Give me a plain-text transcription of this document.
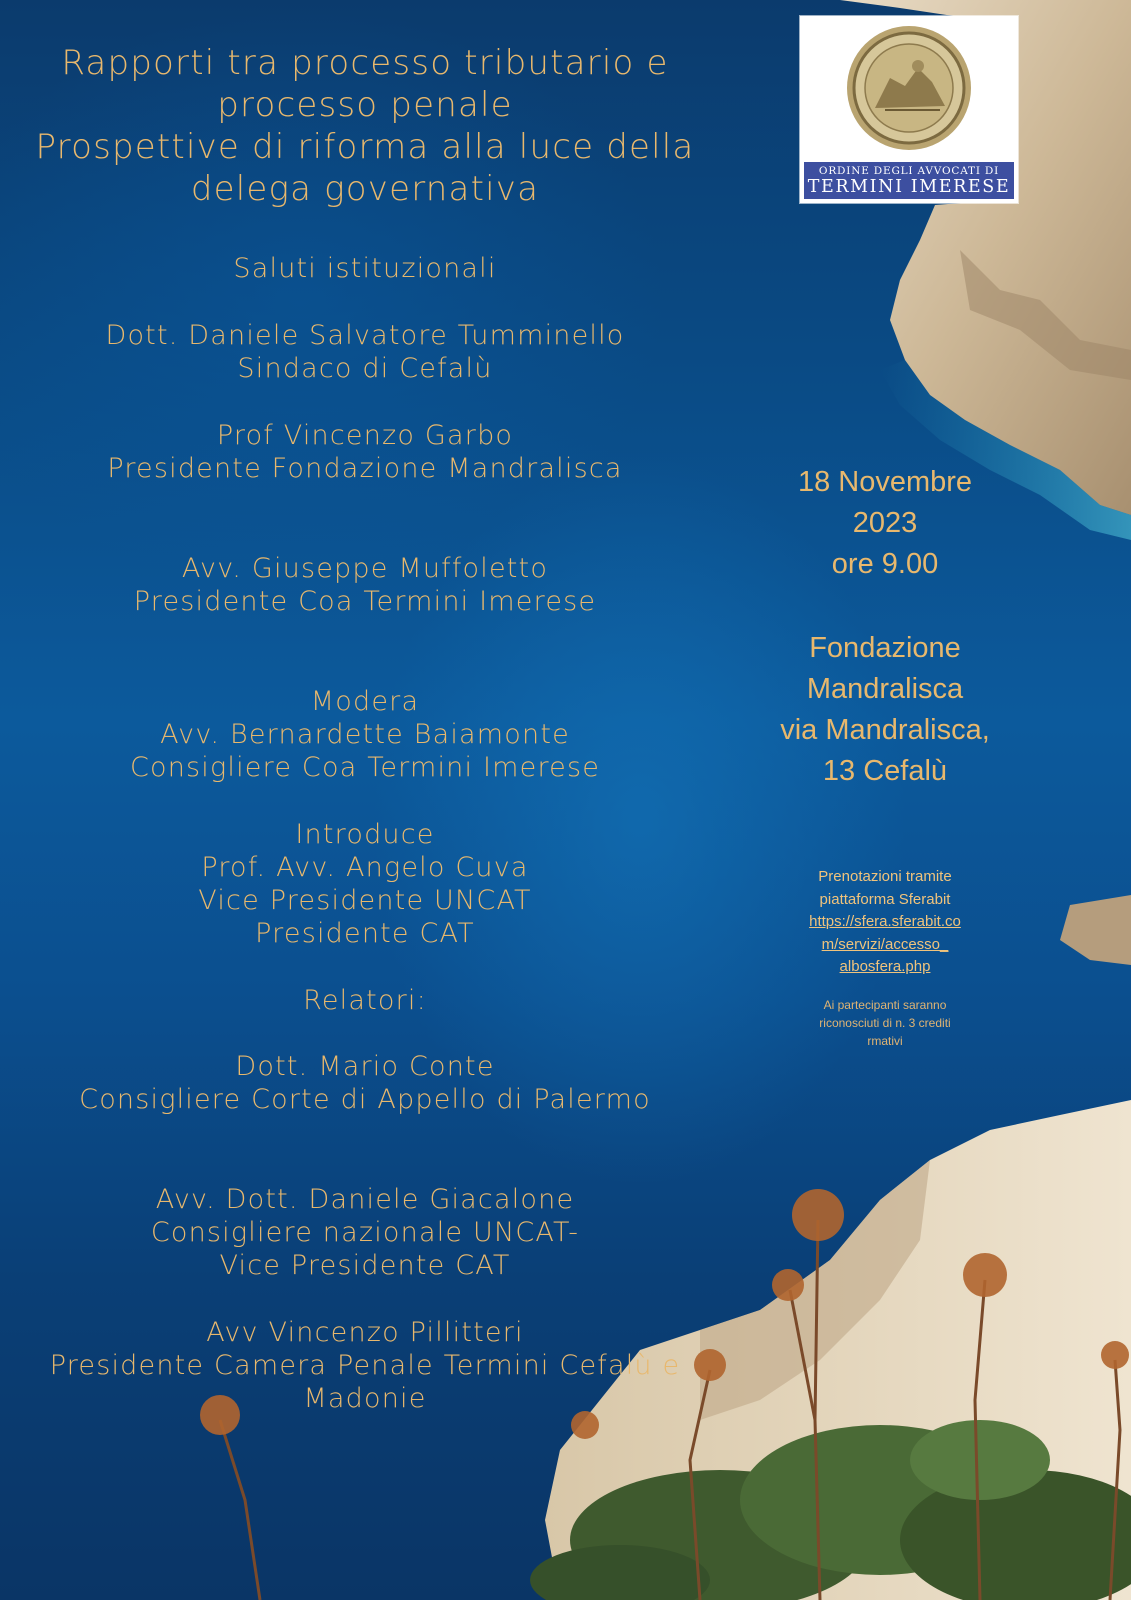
Rapporti tra processo tributario e
processo penale
Prospettive di riforma alla luce della
delega governativa
Saluti istituzionali
Dott. Daniele Salvatore Tumminello
Sindaco di Cefalù
Prof Vincenzo Garbo
Presidente Fondazione Mandralisca
Avv. Giuseppe Muffoletto
Presidente Coa Termini Imerese
Modera
Avv. Bernardette Baiamonte
Consigliere Coa Termini Imerese
Introduce
Prof. Avv. Angelo Cuva
Vice Presidente UNCAT
Presidente CAT
Relatori:
Dott. Mario Conte
Consigliere Corte di Appello di Palermo
Avv. Dott. Daniele Giacalone
Consigliere nazionale UNCAT-
Vice Presidente CAT
Avv Vincenzo Pillitteri
Presidente Camera Penale Termini Cefalù e
Madonie
ORDINE DEGLI AVVOCATI DI
TERMINI IMERESE
18 Novembre
2023
ore 9.00
Fondazione
Mandralisca
via Mandralisca,
13 Cefalù
Prenotazioni tramite
piattaforma Sferabit
https://sfera.sferabit.co
m/servizi/accesso_
albosfera.php
Ai partecipanti saranno
riconosciuti di n. 3 crediti
rmativi
